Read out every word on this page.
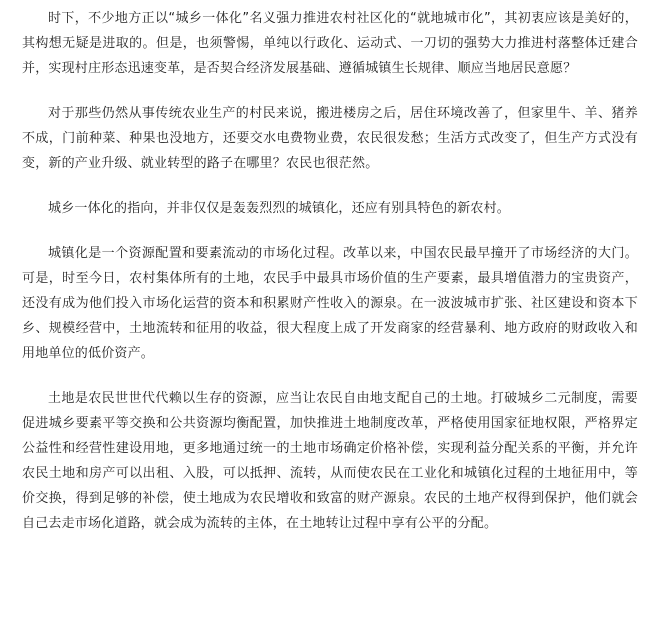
时下，不少地方正以“城乡一体化”名义强力推进农村社区化的“就地城市化”，其初衷应该是美好的，其构想无疑是进取的。但是，也须警惕，单纯以行政化、运动式、一刀切的强势大力推进村落整体迁建合并，实现村庄形态迅速变革，是否契合经济发展基础、遵循城镇生长规律、顺应当地居民意愿？

对于那些仍然从事传统农业生产的村民来说，搬进楼房之后，居住环境改善了，但家里牛、羊、猪养不成，门前种菜、种果也没地方，还要交水电费物业费，农民很发愁；生活方式改变了，但生产方式没有变，新的产业升级、就业转型的路子在哪里？农民也很茫然。

城乡一体化的指向，并非仅仅是轰轰烈烈的城镇化，还应有别具特色的新农村。

城镇化是一个资源配置和要素流动的市场化过程。改革以来，中国农民最早撞开了市场经济的大门。可是，时至今日，农村集体所有的土地，农民手中最具市场价值的生产要素，最具增值潜力的宝贵资产，还没有成为他们投入市场化运营的资本和积累财产性收入的源泉。在一波波城市扩张、社区建设和资本下乡、规模经营中，土地流转和征用的收益，很大程度上成了开发商家的经营暴利、地方政府的财政收入和用地单位的低价资产。

土地是农民世世代代赖以生存的资源，应当让农民自由地支配自己的土地。打破城乡二元制度，需要促进城乡要素平等交换和公共资源均衡配置，加快推进土地制度改革，严格使用国家征地权限，严格界定公益性和经营性建设用地，更多地通过统一的土地市场确定价格补偿，实现利益分配关系的平衡，并允许农民土地和房产可以出租、入股，可以抵押、流转，从而使农民在工业化和城镇化过程的土地征用中，等价交换，得到足够的补偿，使土地成为农民增收和致富的财产源泉。农民的土地产权得到保护，他们就会自己去走市场化道路，就会成为流转的主体，在土地转让过程中享有公平的分配。
